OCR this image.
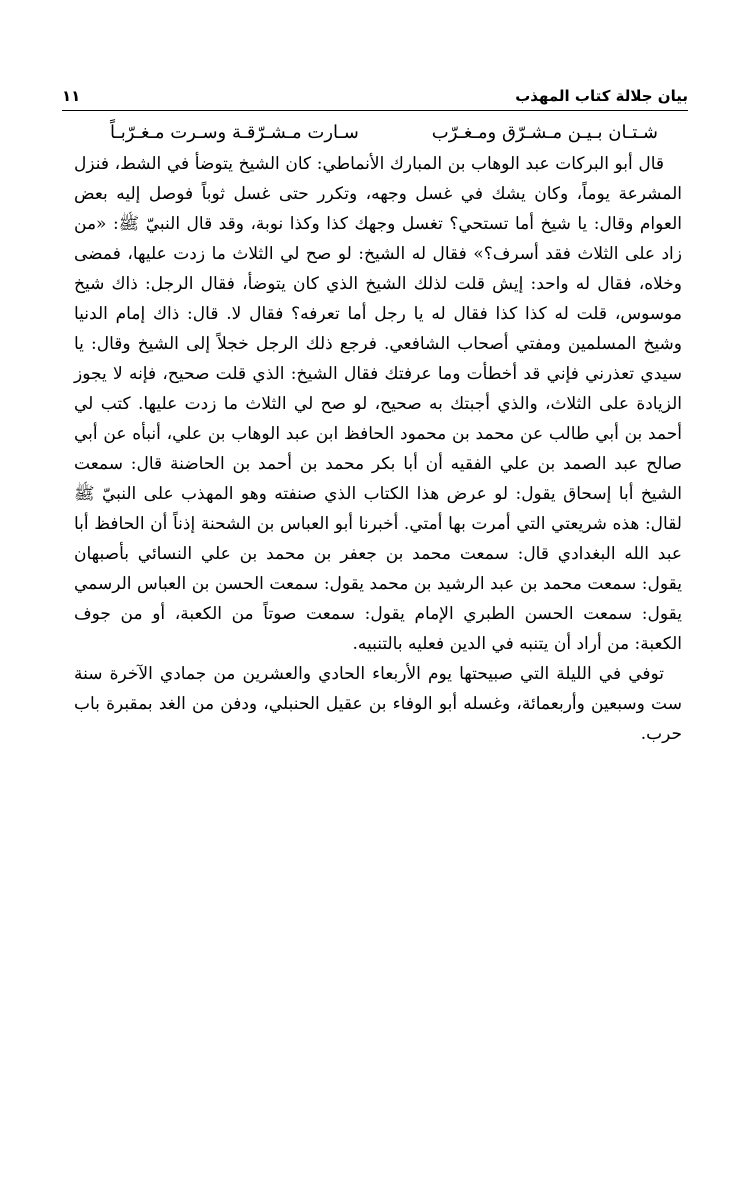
بيان جلالة كتاب المهذب
١١
سـارت مـشـرّقـة وسـرت مـغـرّبـاً	شـتـان بـيـن مـشـرّق ومـغـرّب

قال أبو البركات عبد الوهاب بن المبارك الأنماطي: كان الشيخ يتوضأ في الشط، فنزل المشرعة يوماً، وكان يشك في غسل وجهه، وتكرر حتى غسل ثوباً فوصل إليه بعض العوام وقال: يا شيخ أما تستحي؟ تغسل وجهك كذا وكذا نوبة، وقد قال النبيّ ﷺ: «من زاد على الثلاث فقد أسرف؟» فقال له الشيخ: لو صح لي الثلاث ما زدت عليها، فمضى وخلاه، فقال له واحد: إيش قلت لذلك الشيخ الذي كان يتوضأ، فقال الرجل: ذاك شيخ موسوس، قلت له كذا كذا فقال له يا رجل أما تعرفه؟ فقال لا. قال: ذاك إمام الدنيا وشيخ المسلمين ومفتي أصحاب الشافعي. فرجع ذلك الرجل خجلاً إلى الشيخ وقال: يا سيدي تعذرني فإني قد أخطأت وما عرفتك فقال الشيخ: الذي قلت صحيح، فإنه لا يجوز الزيادة على الثلاث، والذي أجبتك به صحيح، لو صح لي الثلاث ما زدت عليها. كتب لي أحمد بن أبي طالب عن محمد بن محمود الحافظ ابن عبد الوهاب بن علي، أنبأه عن أبي صالح عبد الصمد بن علي الفقيه أن أبا بكر محمد بن أحمد بن الحاضنة قال: سمعت الشيخ أبا إسحاق يقول: لو عرض هذا الكتاب الذي صنفته وهو المهذب على النبيّ ﷺ لقال: هذه شريعتي التي أمرت بها أمتي. أخبرنا أبو العباس بن الشحنة إذناً أن الحافظ أبا عبد الله البغدادي قال: سمعت محمد بن جعفر بن محمد بن علي النسائي بأصبهان يقول: سمعت محمد بن عبد الرشيد بن محمد يقول: سمعت الحسن بن العباس الرسمي يقول: سمعت الحسن الطبري الإمام يقول: سمعت صوتاً من الكعبة، أو من جوف الكعبة: من أراد أن يتنبه في الدين فعليه بالتنبيه.

توفي في الليلة التي صبيحتها يوم الأربعاء الحادي والعشرين من جمادي الآخرة سنة ست وسبعين وأربعمائة، وغسله أبو الوفاء بن عقيل الحنبلي، ودفن من الغد بمقبرة باب حرب.
